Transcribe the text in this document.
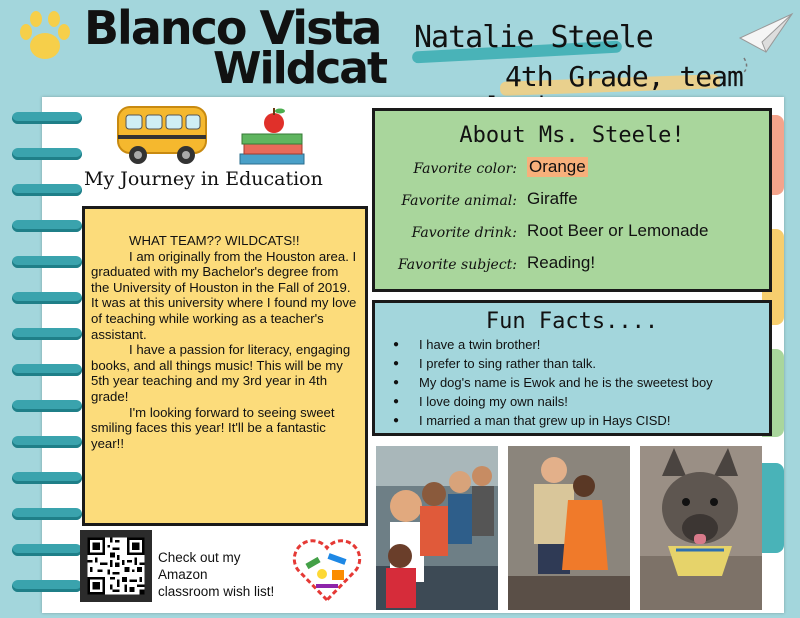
Blanco Vista
Wildcat
Natalie Steele
4th Grade, team
My Journey in Education

WHAT TEAM?? WILDCATS!!

I am originally from the Houston area. I graduated with my Bachelor's degree from the University of Houston in the Fall of 2019. It was at this university where I found my love of teaching while working as a teacher's assistant.

I have a passion for literacy, engaging books, and all things music! This will be my 5th year teaching and my 3rd year in 4th grade!

I'm looking forward to seeing sweet smiling faces this year! It'll be a fantastic year!!

Check out my
Amazon
classroom wish list!
About Ms. Steele!
Favorite color: Orange
Favorite animal: Giraffe
Favorite drink: Root Beer or Lemonade
Favorite subject: Reading!
Fun Facts....
● I have a twin brother!
● I prefer to sing rather than talk.
● My dog's name is Ewok and he is the sweetest boy
● I love doing my own nails!
● I married a man that grew up in Hays CISD!
